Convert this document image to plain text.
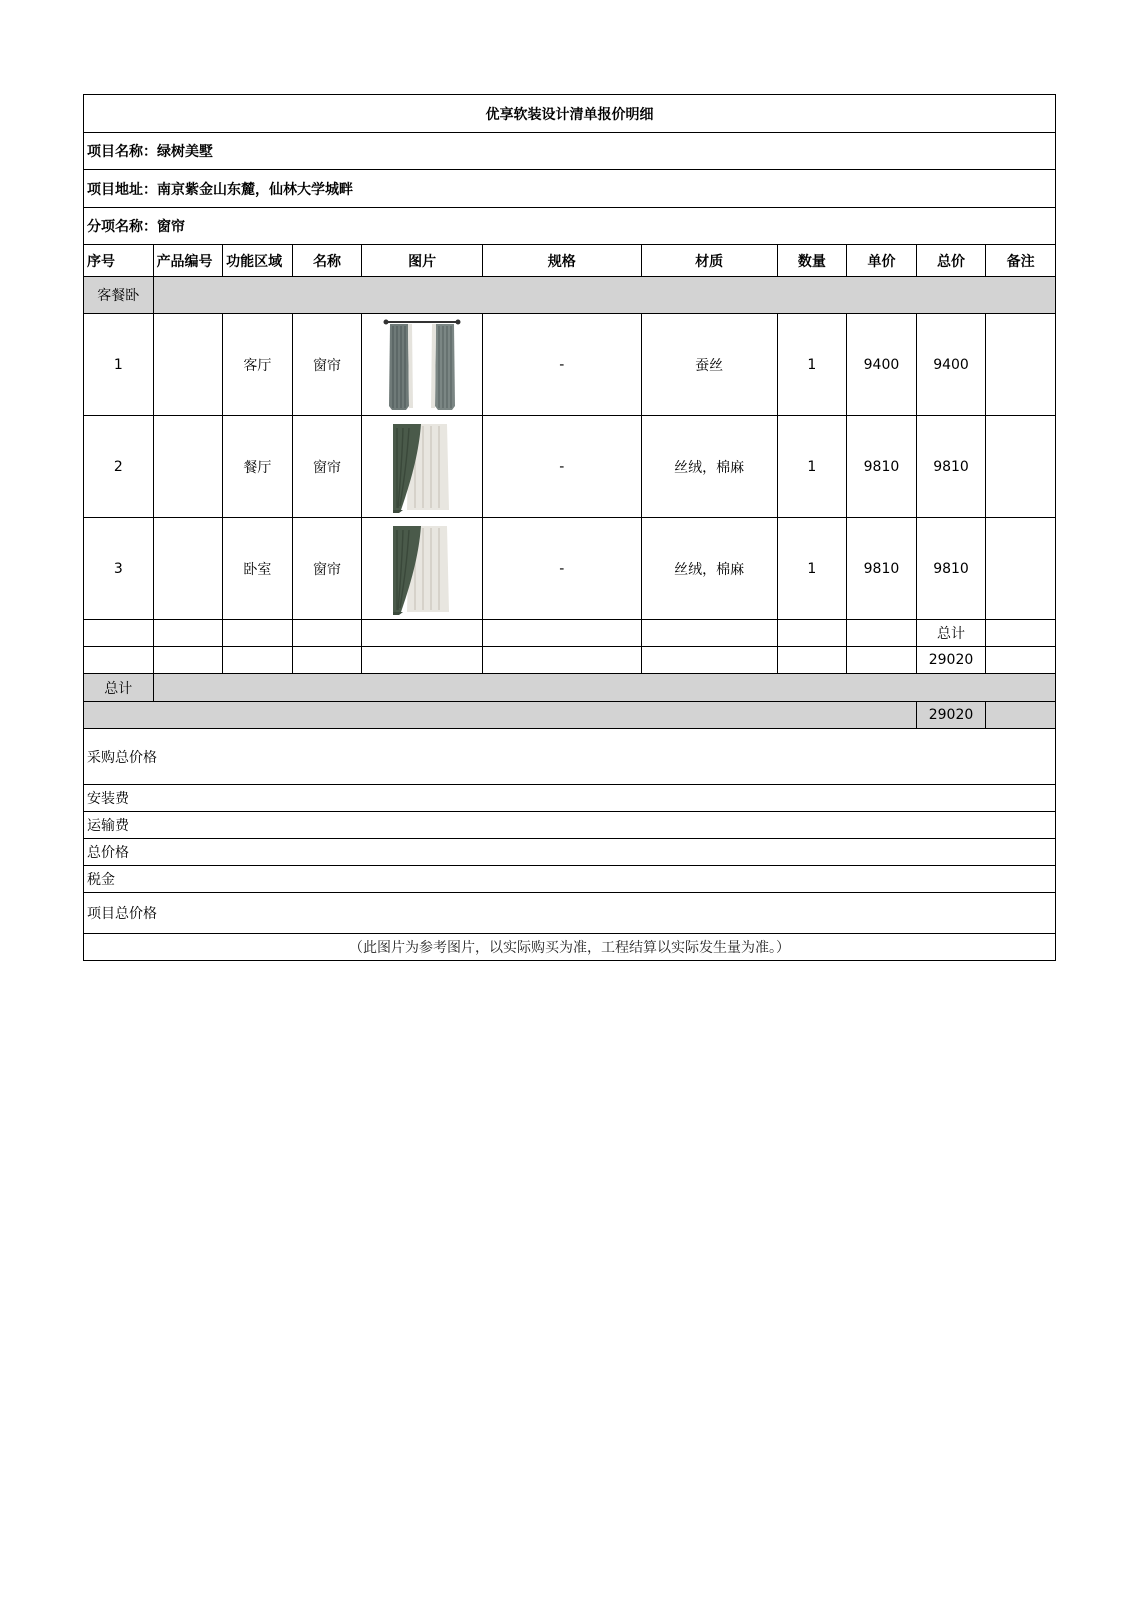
优享软装设计清单报价明细										
项目名称：绿树美墅										
项目地址：南京紫金山东麓，仙林大学城畔										
分项名称：窗帘										
序号	产品编号	功能区域	名称	图片	规格	材质	数量	单价	总价	备注
客餐卧										
1		客厅	窗帘		-	蚕丝	1	9400	9400	
2		餐厅	窗帘		-	丝绒，棉麻	1	9810	9810	
3		卧室	窗帘		-	丝绒，棉麻	1	9810	9810	
									总计	
									29020	
总计										
									29020	
采购总价格										
安装费										
运输费										
总价格										
税金										
项目总价格										
（此图片为参考图片，以实际购买为准，工程结算以实际发生量为准。）										
